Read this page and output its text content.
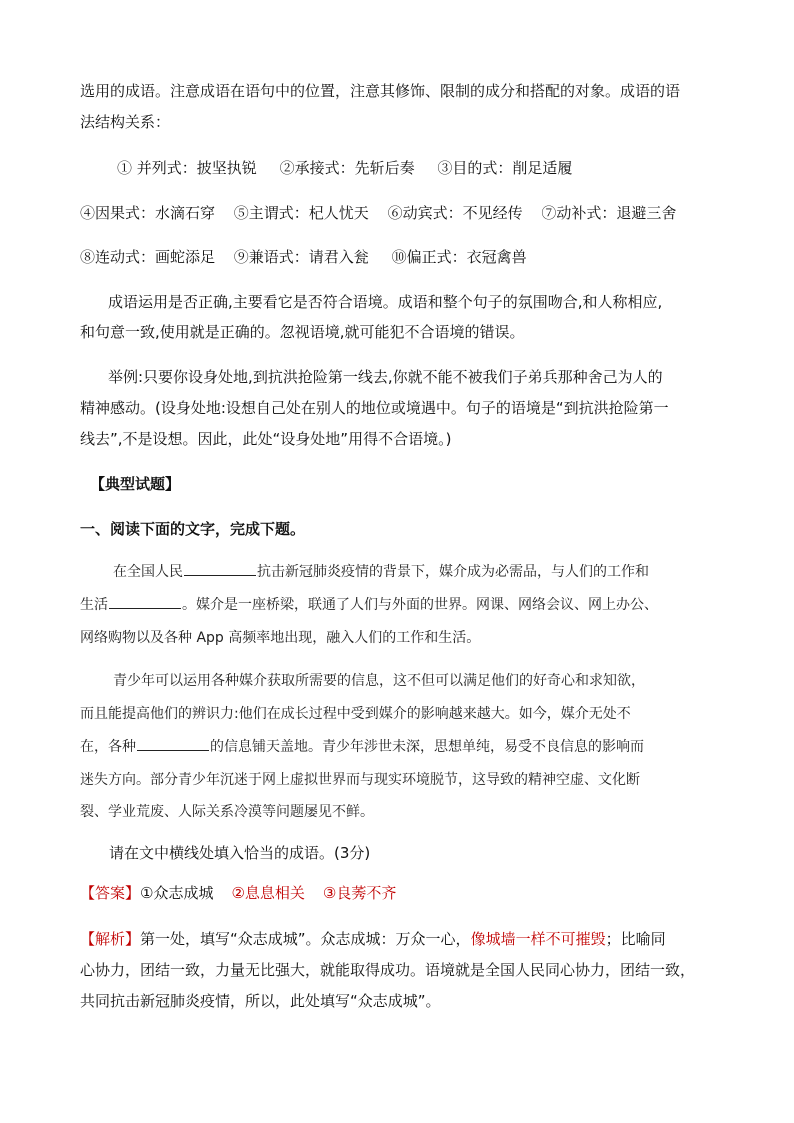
选用的成语。注意成语在语句中的位置，注意其修饰、限制的成分和搭配的对象。成语的语
法结构关系：
① 并列式：披坚执锐 ②承接式：先斩后奏 ③目的式：削足适履
④因果式：水滴石穿 ⑤主谓式：杞人忧天 ⑥动宾式：不见经传 ⑦动补式：退避三舍
⑧连动式：画蛇添足 ⑨兼语式：请君入瓮 ⑩偏正式：衣冠禽兽
成语运用是否正确,主要看它是否符合语境。成语和整个句子的氛围吻合,和人称相应,
和句意一致,使用就是正确的。忽视语境,就可能犯不合语境的错误。
举例:只要你设身处地,到抗洪抢险第一线去,你就不能不被我们子弟兵那种舍己为人的
精神感动。(设身处地:设想自己处在别人的地位或境遇中。句子的语境是“到抗洪抢险第一
线去”,不是设想。因此，此处“设身处地”用得不合语境。)
【典型试题】
一、阅读下面的文字，完成下题。
在全国人民	抗击新冠肺炎疫情的背景下，媒介成为必需品，与人们的工作和
生活	。媒介是一座桥梁，联通了人们与外面的世界。网课、网络会议、网上办公、
网络购物以及各种 App 高频率地出现，融入人们的工作和生活。
青少年可以运用各种媒介获取所需要的信息，这不但可以满足他们的好奇心和求知欲，
而且能提高他们的辨识力:他们在成长过程中受到媒介的影响越来越大。如今，媒介无处不
在，各种	的信息铺天盖地。青少年涉世未深，思想单纯，易受不良信息的影响而
迷失方向。部分青少年沉迷于网上虚拟世界而与现实环境脱节，这导致的精神空虚、文化断
裂、学业荒废、人际关系冷漠等问题屡见不鲜。
请在文中横线处填入恰当的成语。(3分)
【答案】①众志成城 ②息息相关 ③良莠不齐
【解析】第一处，填写“众志成城”。众志成城：万众一心，像城墙一样不可摧毁；比喻同
心协力，团结一致，力量无比强大，就能取得成功。语境就是全国人民同心协力，团结一致，
共同抗击新冠肺炎疫情，所以，此处填写“众志成城”。
